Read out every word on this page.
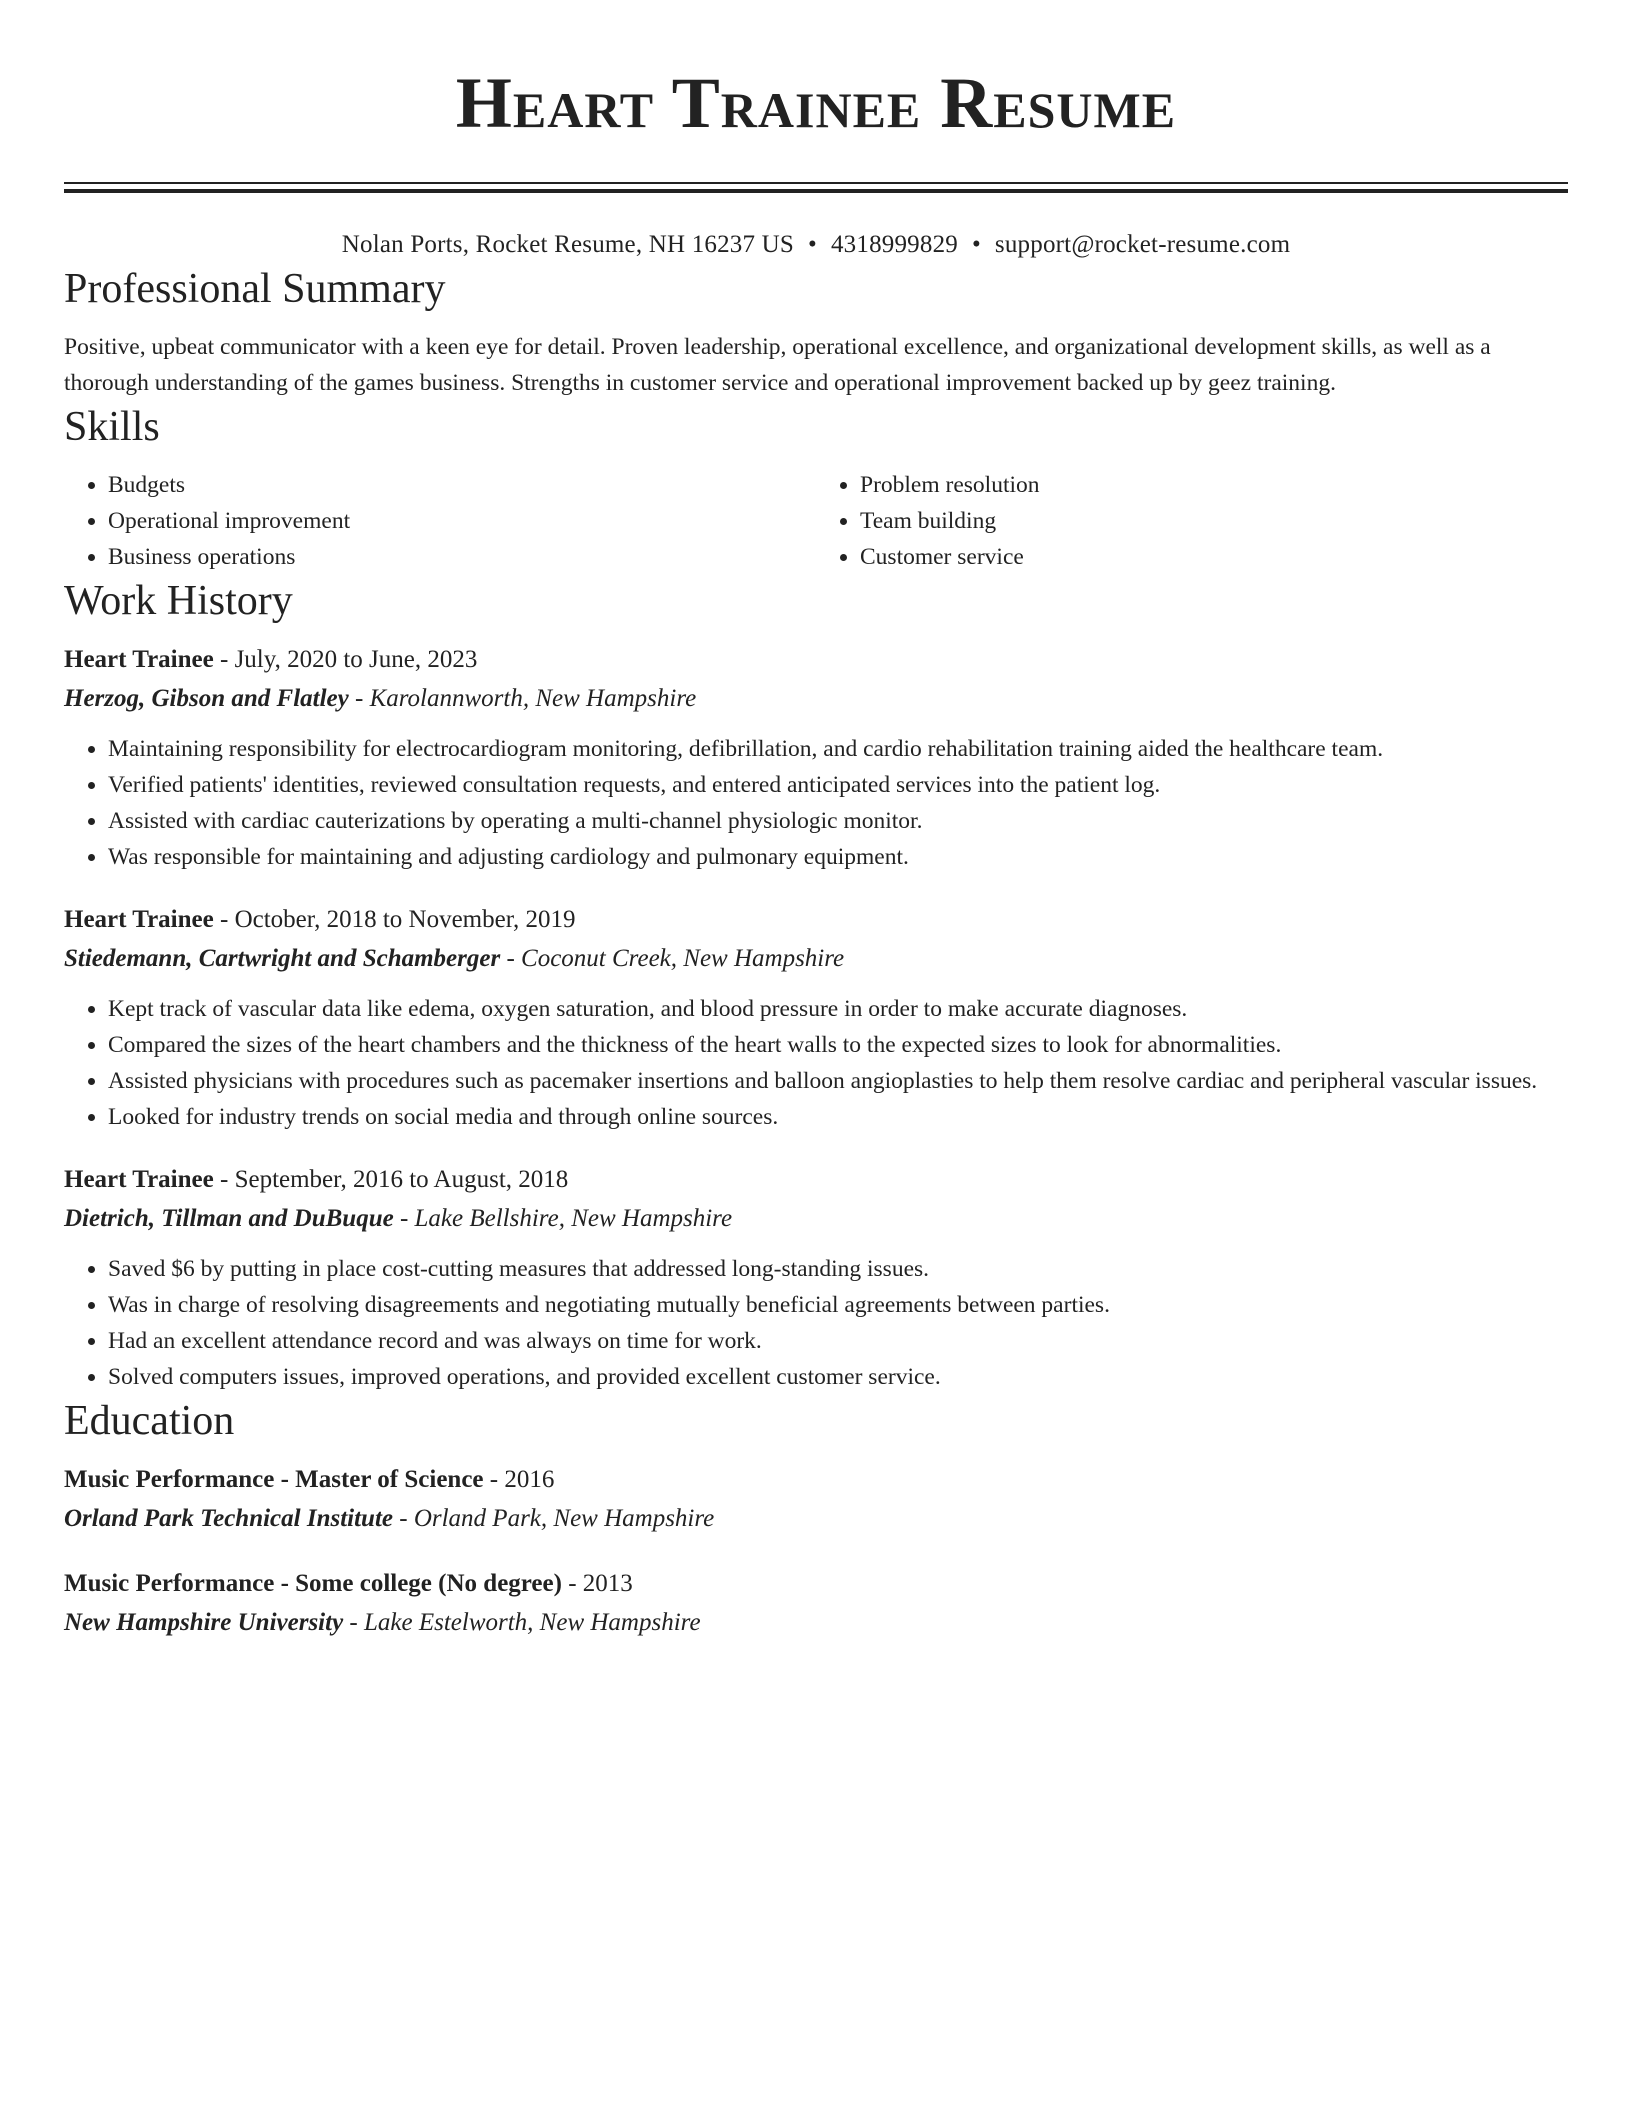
Heart Trainee Resume
Nolan Ports, Rocket Resume, NH 16237 US • 4318999829 • support@rocket-resume.com
Professional Summary
Positive, upbeat communicator with a keen eye for detail. Proven leadership, operational excellence, and organizational development skills, as well as a thorough understanding of the games business. Strengths in customer service and operational improvement backed up by geez training.
Skills
• Budgets
• Operational improvement
• Business operations
• Problem resolution
• Team building
• Customer service
Work History
Heart Trainee - July, 2020 to June, 2023
Herzog, Gibson and Flatley - Karolannworth, New Hampshire
• Maintaining responsibility for electrocardiogram monitoring, defibrillation, and cardio rehabilitation training aided the healthcare team.
• Verified patients' identities, reviewed consultation requests, and entered anticipated services into the patient log.
• Assisted with cardiac cauterizations by operating a multi-channel physiologic monitor.
• Was responsible for maintaining and adjusting cardiology and pulmonary equipment.
Heart Trainee - October, 2018 to November, 2019
Stiedemann, Cartwright and Schamberger - Coconut Creek, New Hampshire
• Kept track of vascular data like edema, oxygen saturation, and blood pressure in order to make accurate diagnoses.
• Compared the sizes of the heart chambers and the thickness of the heart walls to the expected sizes to look for abnormalities.
• Assisted physicians with procedures such as pacemaker insertions and balloon angioplasties to help them resolve cardiac and peripheral vascular issues.
• Looked for industry trends on social media and through online sources.
Heart Trainee - September, 2016 to August, 2018
Dietrich, Tillman and DuBuque - Lake Bellshire, New Hampshire
• Saved $6 by putting in place cost-cutting measures that addressed long-standing issues.
• Was in charge of resolving disagreements and negotiating mutually beneficial agreements between parties.
• Had an excellent attendance record and was always on time for work.
• Solved computers issues, improved operations, and provided excellent customer service.
Education
Music Performance - Master of Science - 2016
Orland Park Technical Institute - Orland Park, New Hampshire
Music Performance - Some college (No degree) - 2013
New Hampshire University - Lake Estelworth, New Hampshire
